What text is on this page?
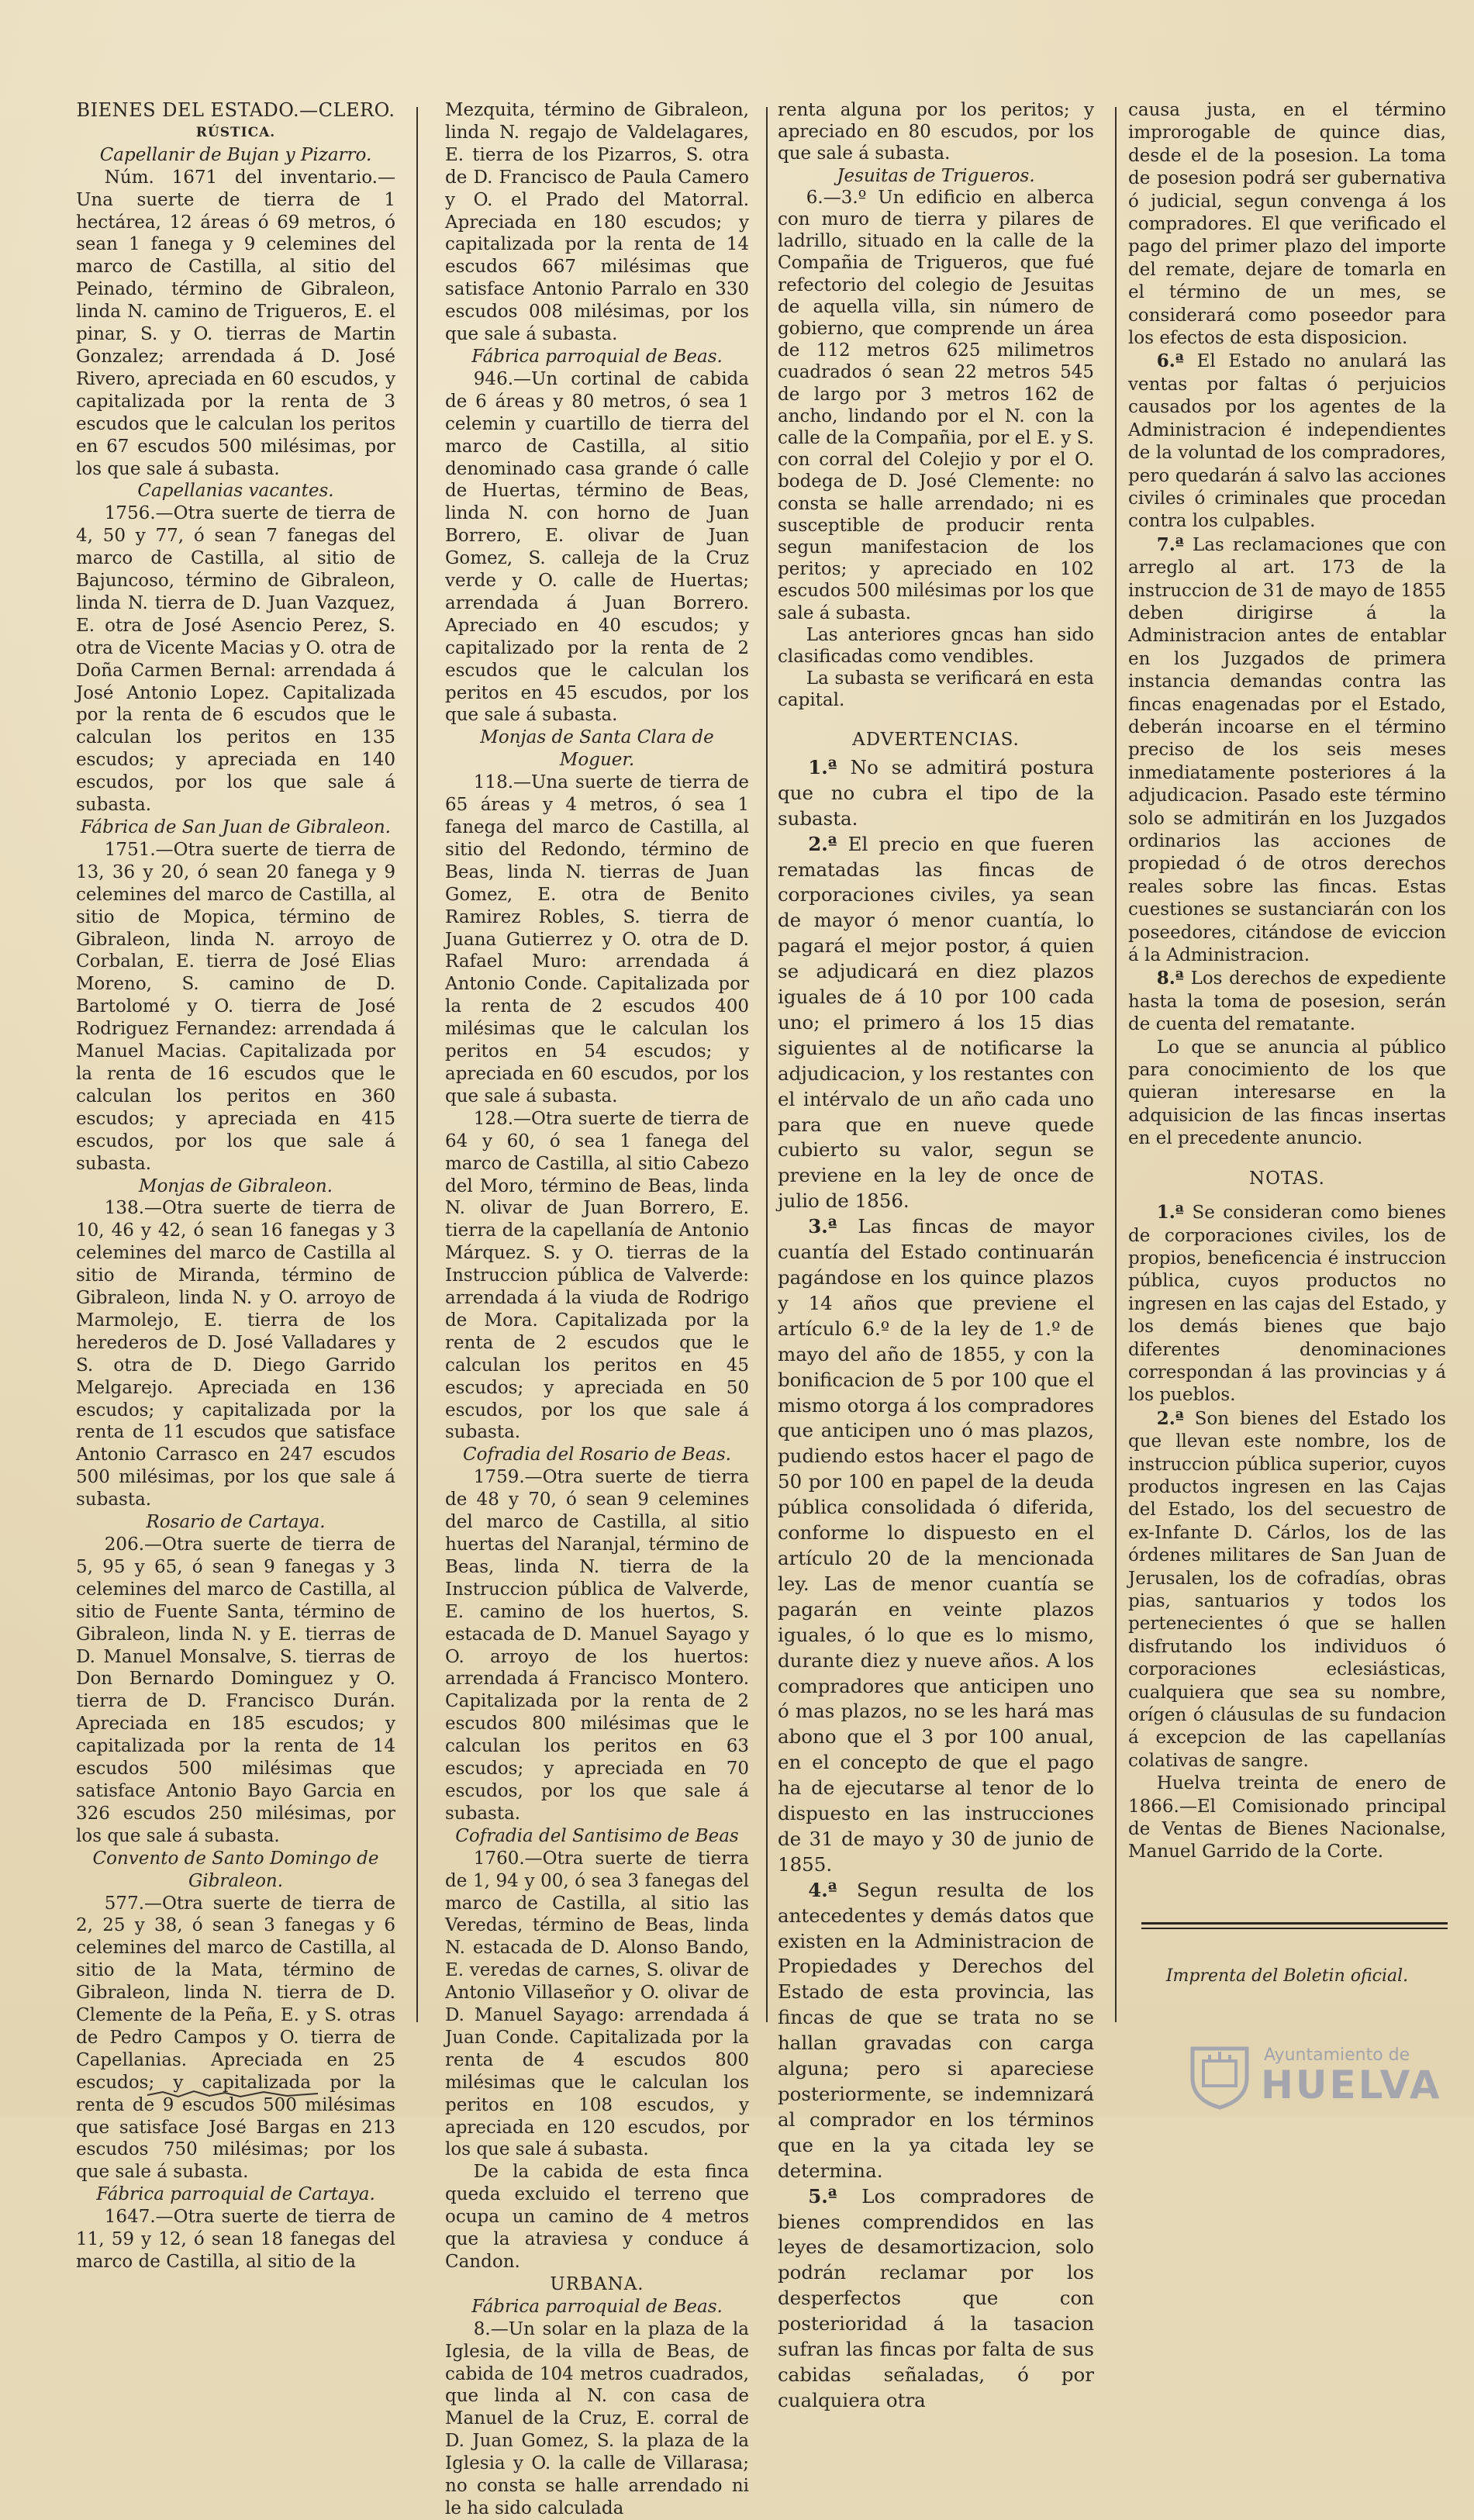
BIENES DEL ESTADO.—CLERO.

RÚSTICA.

Capellanir de Bujan y Pizarro.

Núm. 1671 del inventario.—Una suerte de tierra de 1 hectárea, 12 áreas ó 69 metros, ó sean 1 fanega y 9 celemines del marco de Castilla, al sitio del Peinado, término de Gibraleon, linda N. camino de Trigueros, E. el pinar, S. y O. tierras de Martin Gonzalez; arrendada á D. José Rivero, apreciada en 60 escudos, y capitalizada por la renta de 3 escudos que le calculan los peritos en 67 escudos 500 milésimas, por los que sale á subasta.

Capellanias vacantes.

1756.—Otra suerte de tierra de 4, 50 y 77, ó sean 7 fanegas del marco de Castilla, al sitio de Bajuncoso, término de Gibraleon, linda N. tierra de D. Juan Vazquez, E. otra de José Asencio Perez, S. otra de Vicente Macias y O. otra de Doña Carmen Bernal: arrendada á José Antonio Lopez. Capitalizada por la renta de 6 escudos que le calculan los peritos en 135 escudos; y apreciada en 140 escudos, por los que sale á subasta.

Fábrica de San Juan de Gibraleon.

1751.—Otra suerte de tierra de 13, 36 y 20, ó sean 20 fanega y 9 celemines del marco de Castilla, al sitio de Mopica, término de Gibraleon, linda N. arroyo de Corbalan, E. tierra de José Elias Moreno, S. camino de D. Bartolomé y O. tierra de José Rodriguez Fernandez: arrendada á Manuel Macias. Capitalizada por la renta de 16 escudos que le calculan los peritos en 360 escudos; y apreciada en 415 escudos, por los que sale á subasta.

Monjas de Gibraleon.

138.—Otra suerte de tierra de 10, 46 y 42, ó sean 16 fanegas y 3 celemines del marco de Castilla al sitio de Miranda, término de Gibraleon, linda N. y O. arroyo de Marmolejo, E. tierra de los herederos de D. José Valladares y S. otra de D. Diego Garrido Melgarejo. Apreciada en 136 escudos; y capitalizada por la renta de 11 escudos que satisface Antonio Carrasco en 247 escudos 500 milésimas, por los que sale á subasta.

Rosario de Cartaya.

206.—Otra suerte de tierra de 5, 95 y 65, ó sean 9 fanegas y 3 celemines del marco de Castilla, al sitio de Fuente Santa, término de Gibraleon, linda N. y E. tierras de D. Manuel Monsalve, S. tierras de Don Bernardo Dominguez y O. tierra de D. Francisco Durán. Apreciada en 185 escudos; y capitalizada por la renta de 14 escudos 500 milésimas que satisface Antonio Bayo Garcia en 326 escudos 250 milésimas, por los que sale á subasta.

Convento de Santo Domingo de Gibraleon.

577.—Otra suerte de tierra de 2, 25 y 38, ó sean 3 fanegas y 6 celemines del marco de Castilla, al sitio de la Mata, término de Gibraleon, linda N. tierra de D. Clemente de la Peña, E. y S. otras de Pedro Campos y O. tierra de Capellanias. Apreciada en 25 escudos; y capitalizada por la renta de 9 escudos 500 milésimas que satisface José Bargas en 213 escudos 750 milésimas; por los que sale á subasta.

Fábrica parroquial de Cartaya.

1647.—Otra suerte de tierra de 11, 59 y 12, ó sean 18 fanegas del marco de Castilla, al sitio de la

Mezquita, término de Gibraleon, linda N. regajo de Valdelagares, E. tierra de los Pizarros, S. otra de D. Francisco de Paula Camero y O. el Prado del Matorral. Apreciada en 180 escudos; y capitalizada por la renta de 14 escudos 667 milésimas que satisface Antonio Parralo en 330 escudos 008 milésimas, por los que sale á subasta.

Fábrica parroquial de Beas.

946.—Un cortinal de cabida de 6 áreas y 80 metros, ó sea 1 celemin y cuartillo de tierra del marco de Castilla, al sitio denominado casa grande ó calle de Huertas, término de Beas, linda N. con horno de Juan Borrero, E. olivar de Juan Gomez, S. calleja de la Cruz verde y O. calle de Huertas; arrendada á Juan Borrero. Apreciado en 40 escudos; y capitalizado por la renta de 2 escudos que le calculan los peritos en 45 escudos, por los que sale á subasta.

Monjas de Santa Clara de Moguer.

118.—Una suerte de tierra de 65 áreas y 4 metros, ó sea 1 fanega del marco de Castilla, al sitio del Redondo, término de Beas, linda N. tierras de Juan Gomez, E. otra de Benito Ramirez Robles, S. tierra de Juana Gutierrez y O. otra de D. Rafael Muro: arrendada á Antonio Conde. Capitalizada por la renta de 2 escudos 400 milésimas que le calculan los peritos en 54 escudos; y apreciada en 60 escudos, por los que sale á subasta.

128.—Otra suerte de tierra de 64 y 60, ó sea 1 fanega del marco de Castilla, al sitio Cabezo del Moro, término de Beas, linda N. olivar de Juan Borrero, E. tierra de la capellanía de Antonio Márquez. S. y O. tierras de la Instruccion pública de Valverde: arrendada á la viuda de Rodrigo de Mora. Capitalizada por la renta de 2 escudos que le calculan los peritos en 45 escudos; y apreciada en 50 escudos, por los que sale á subasta.

Cofradia del Rosario de Beas.

1759.—Otra suerte de tierra de 48 y 70, ó sean 9 celemines del marco de Castilla, al sitio huertas del Naranjal, término de Beas, linda N. tierra de la Instruccion pública de Valverde, E. camino de los huertos, S. estacada de D. Manuel Sayago y O. arroyo de los huertos: arrendada á Francisco Montero. Capitalizada por la renta de 2 escudos 800 milésimas que le calculan los peritos en 63 escudos; y apreciada en 70 escudos, por los que sale á subasta.

Cofradia del Santisimo de Beas

1760.—Otra suerte de tierra de 1, 94 y 00, ó sea 3 fanegas del marco de Castilla, al sitio las Veredas, término de Beas, linda N. estacada de D. Alonso Bando, E. veredas de carnes, S. olivar de Antonio Villaseñor y O. olivar de D. Manuel Sayago: arrendada á Juan Conde. Capitalizada por la renta de 4 escudos 800 milésimas que le calculan los peritos en 108 escudos, y apreciada en 120 escudos, por los que sale á subasta.

De la cabida de esta finca queda excluido el terreno que ocupa un camino de 4 metros que la atraviesa y conduce á Candon.

URBANA.

Fábrica parroquial de Beas.

8.—Un solar en la plaza de la Iglesia, de la villa de Beas, de cabida de 104 metros cuadrados, que linda al N. con casa de Manuel de la Cruz, E. corral de D. Juan Gomez, S. la plaza de la Iglesia y O. la calle de Villarasa; no consta se halle arrendado ni le ha sido calculada

renta alguna por los peritos; y apreciado en 80 escudos, por los que sale á subasta.

Jesuitas de Trigueros.

6.—3.º Un edificio en alberca con muro de tierra y pilares de ladrillo, situado en la calle de la Compañia de Trigueros, que fué refectorio del colegio de Jesuitas de aquella villa, sin número de gobierno, que comprende un área de 112 metros 625 milimetros cuadrados ó sean 22 metros 545 de largo por 3 metros 162 de ancho, lindando por el N. con la calle de la Compañia, por el E. y S. con corral del Colejio y por el O. bodega de D. José Clemente: no consta se halle arrendado; ni es susceptible de producir renta segun manifestacion de los peritos; y apreciado en 102 escudos 500 milésimas por los que sale á subasta.

Las anteriores gncas han sido clasificadas como vendibles.

La subasta se verificará en esta capital.

ADVERTENCIAS.

1.ª No se admitirá postura que no cubra el tipo de la subasta.

2.ª El precio en que fueren rematadas las fincas de corporaciones civiles, ya sean de mayor ó menor cuantía, lo pagará el mejor postor, á quien se adjudicará en diez plazos iguales de á 10 por 100 cada uno; el primero á los 15 dias siguientes al de notificarse la adjudicacion, y los restantes con el intérvalo de un año cada uno para que en nueve quede cubierto su valor, segun se previene en la ley de once de julio de 1856.

3.ª Las fincas de mayor cuantía del Estado continuarán pagándose en los quince plazos y 14 años que previene el artículo 6.º de la ley de 1.º de mayo del año de 1855, y con la bonificacion de 5 por 100 que el mismo otorga á los compradores que anticipen uno ó mas plazos, pudiendo estos hacer el pago de 50 por 100 en papel de la deuda pública consolidada ó diferida, conforme lo dispuesto en el artículo 20 de la mencionada ley. Las de menor cuantía se pagarán en veinte plazos iguales, ó lo que es lo mismo, durante diez y nueve años. A los compradores que anticipen uno ó mas plazos, no se les hará mas abono que el 3 por 100 anual, en el concepto de que el pago ha de ejecutarse al tenor de lo dispuesto en las instrucciones de 31 de mayo y 30 de junio de 1855.

4.ª Segun resulta de los antecedentes y demás datos que existen en la Administracion de Propiedades y Derechos del Estado de esta provincia, las fincas de que se trata no se hallan gravadas con carga alguna; pero si apareciese posteriormente, se indemnizará al comprador en los términos que en la ya citada ley se determina.

5.ª Los compradores de bienes comprendidos en las leyes de desamortizacion, solo podrán reclamar por los desperfectos que con posterioridad á la tasacion sufran las fincas por falta de sus cabidas señaladas, ó por cualquiera otra

causa justa, en el término improrogable de quince dias, desde el de la posesion. La toma de posesion podrá ser gubernativa ó judicial, segun convenga á los compradores. El que verificado el pago del primer plazo del importe del remate, dejare de tomarla en el término de un mes, se considerará como poseedor para los efectos de esta disposicion.

6.ª El Estado no anulará las ventas por faltas ó perjuicios causados por los agentes de la Administracion é independientes de la voluntad de los compradores, pero quedarán á salvo las acciones civiles ó criminales que procedan contra los culpables.

7.ª Las reclamaciones que con arreglo al art. 173 de la instruccion de 31 de mayo de 1855 deben dirigirse á la Administracion antes de entablar en los Juzgados de primera instancia demandas contra las fincas enagenadas por el Estado, deberán incoarse en el término preciso de los seis meses inmediatamente posteriores á la adjudicacion. Pasado este término solo se admitirán en los Juzgados ordinarios las acciones de propiedad ó de otros derechos reales sobre las fincas. Estas cuestiones se sustanciarán con los poseedores, citándose de eviccion á la Administracion.

8.ª Los derechos de expediente hasta la toma de posesion, serán de cuenta del rematante.

Lo que se anuncia al público para conocimiento de los que quieran interesarse en la adquisicion de las fincas insertas en el precedente anuncio.

NOTAS.

1.ª Se consideran como bienes de corporaciones civiles, los de propios, beneficencia é instruccion pública, cuyos productos no ingresen en las cajas del Estado, y los demás bienes que bajo diferentes denominaciones correspondan á las provincias y á los pueblos.

2.ª Son bienes del Estado los que llevan este nombre, los de instruccion pública superior, cuyos productos ingresen en las Cajas del Estado, los del secuestro de ex-Infante D. Cárlos, los de las órdenes militares de San Juan de Jerusalen, los de cofradías, obras pias, santuarios y todos los pertenecientes ó que se hallen disfrutando los individuos ó corporaciones eclesiásticas, cualquiera que sea su nombre, orígen ó cláusulas de su fundacion á excepcion de las capellanías colativas de sangre.

Huelva treinta de enero de 1866.—El Comisionado principal de Ventas de Bienes Nacionalse, Manuel Garrido de la Corte.

Imprenta del Boletin oficial.

Ayuntamiento de
HUELVA
